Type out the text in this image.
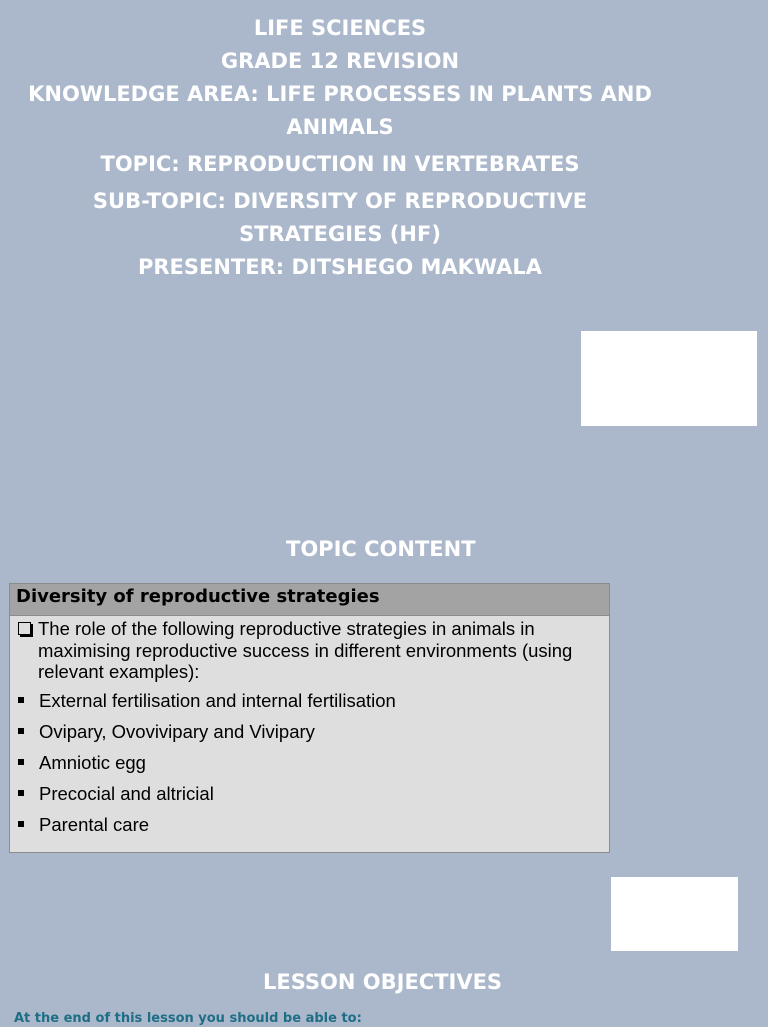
LIFE SCIENCES
GRADE 12 REVISION
KNOWLEDGE AREA: LIFE PROCESSES IN PLANTS AND
ANIMALS
TOPIC: REPRODUCTION IN VERTEBRATES
SUB-TOPIC: DIVERSITY OF REPRODUCTIVE
STRATEGIES (HF)
PRESENTER: DITSHEGO MAKWALA
TOPIC CONTENT
Diversity of reproductive strategies
The role of the following reproductive strategies in animals in maximising reproductive success in different environments (using relevant examples):
External fertilisation and internal fertilisation
Ovipary, Ovovivipary and Vivipary
Amniotic egg
Precocial and altricial
Parental care
LESSON OBJECTIVES
At the end of this lesson you should be able to:
